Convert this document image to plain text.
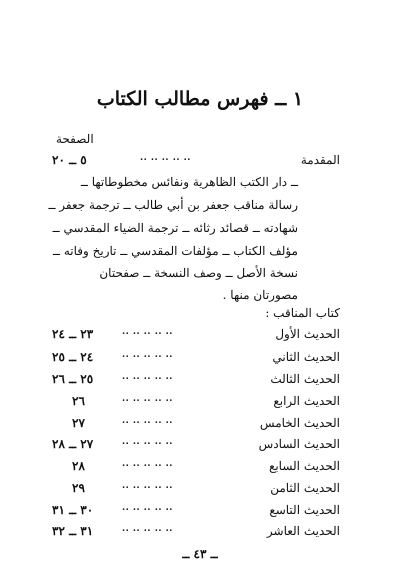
١ ــ فهرس مطالب الكتاب
الصفحة
المقدمة
.. .. .. .. ..
٥ ــ ٢٠
ــ دار الكتب الظاهرية ونفائس مخطوطاتها ــ
رسالة مناقب جعفر بن أبي طالب ــ ترجمة جعفر ــ
شهادته ــ قصائد رثائه ــ ترجمة الضياء المقدسي ــ
مؤلف الكتاب ــ مؤلفات المقدسي ــ تاريخ وفاته ــ
نسخة الأصل ــ وصف النسخة ــ صفحتان
مصورتان منها .
كتاب المناقب :
الحديث الأول
.. .. .. .. ..
٢٣ ــ ٢٤
الحديث الثاني
.. .. .. .. ..
٢٤ ــ ٢٥
الحديث الثالث
.. .. .. .. ..
٢٥ ــ ٢٦
الحديث الرابع
.. .. .. .. ..
٢٦
الحديث الخامس
.. .. .. .. ..
٢٧
الحديث السادس
.. .. .. .. ..
٢٧ ــ ٢٨
الحديث السابع
.. .. .. .. ..
٢٨
الحديث الثامن
.. .. .. .. ..
٢٩
الحديث التاسع
.. .. .. .. ..
٣٠ ــ ٣١
الحديث العاشر
.. .. .. .. ..
٣١ ــ ٣٢
ــ ٤٣ ــ
